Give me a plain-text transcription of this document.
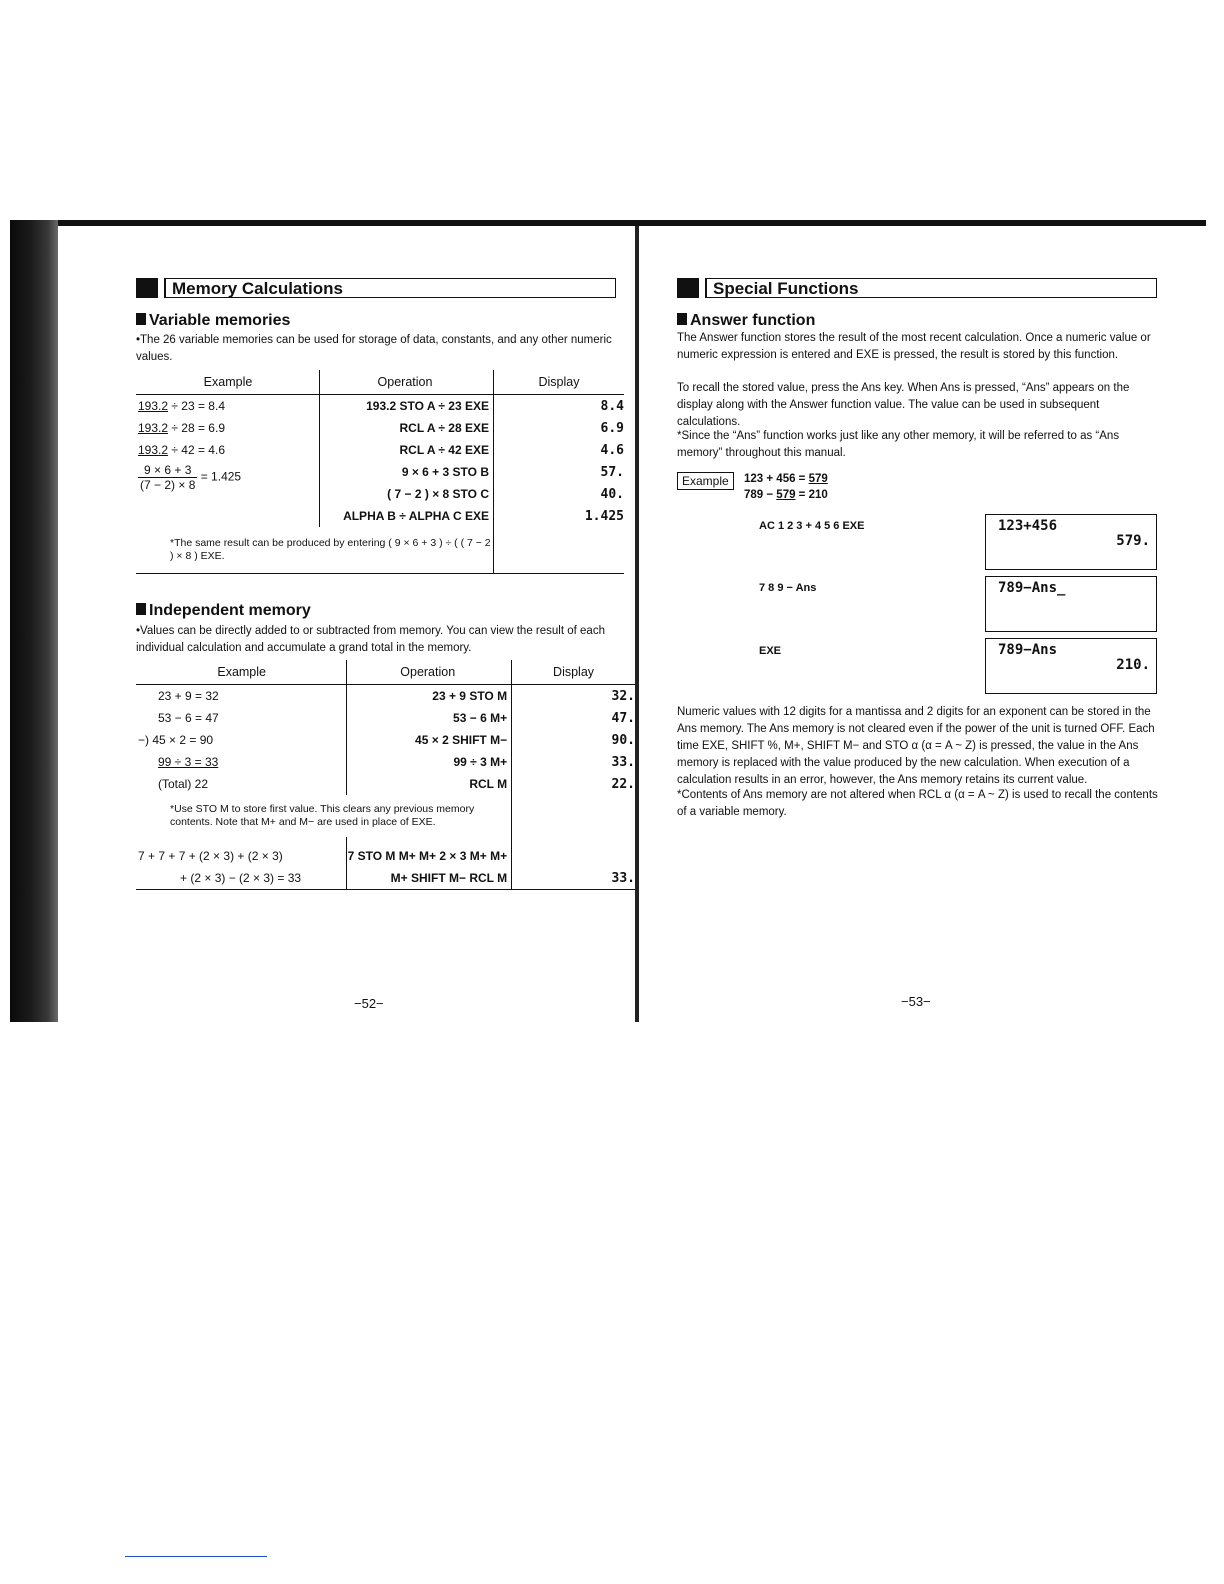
Memory Calculations
Variable memories
•The 26 variable memories can be used for storage of data, constants, and any other numeric values.
Example	Operation	Display
193.2 ÷ 23 = 8.4	193.2 STO A ÷ 23 EXE	8.4
193.2 ÷ 28 = 6.9	RCL A ÷ 28 EXE	6.9
193.2 ÷ 42 = 4.6	RCL A ÷ 42 EXE	4.6

$\frac{9 \times 6 + 3}{(7 - 2) \times 8} = 1.425$	9 × 6 + 3 STO B	57.
	( 7 − 2 ) × 8 STO C	40.
	ALPHA B ÷ ALPHA C EXE	1.425
*The same result can be produced by entering ( 9 × 6 + 3 ) ÷ ( ( 7 − 2 ) × 8 ) EXE.		
Independent memory
•Values can be directly added to or subtracted from memory. You can view the result of each individual calculation and accumulate a grand total in the memory.
Example	Operation	Display
23 + 9 = 32	23 + 9 STO M	32.
53 − 6 = 47	53 − 6 M+	47.
−) 45 × 2 = 90	45 × 2 SHIFT M−	90.
99 ÷ 3 = 33	99 ÷ 3 M+	33.
(Total) 22	RCL M	22.
*Use STO M to store first value. This clears any previous memory contents. Note that M+ and M− are used in place of EXE.		
7 + 7 + 7 + (2 × 3) + (2 × 3)	7 STO M M+ M+ 2 × 3 M+ M+	
+ (2 × 3) − (2 × 3) = 33	M+ SHIFT M− RCL M	33.
−52−
Special Functions
Answer function
The Answer function stores the result of the most recent calculation. Once a numeric value or numeric expression is entered and EXE is pressed, the result is stored by this function.
To recall the stored value, press the Ans key. When Ans is pressed, “Ans” appears on the display along with the Answer function value. The value can be used in subsequent calculations.
*Since the “Ans” function works just like any other memory, it will be referred to as “Ans memory” throughout this manual.
Example	123 + 456 = 579
789 − 579 = 210
AC 1 2 3 + 4 5 6 EXE	123+456
579.
7 8 9 − Ans	789−Ans_
EXE	789−Ans
210.
Numeric values with 12 digits for a mantissa and 2 digits for an exponent can be stored in the Ans memory. The Ans memory is not cleared even if the power of the unit is turned OFF. Each time EXE, SHIFT %, M+, SHIFT M− and STO α (α = A ~ Z) is pressed, the value in the Ans memory is replaced with the value produced by the new calculation. When execution of a calculation results in an error, however, the Ans memory retains its current value.
*Contents of Ans memory are not altered when RCL α (α = A ~ Z) is used to recall the contents of a variable memory.
−53−
